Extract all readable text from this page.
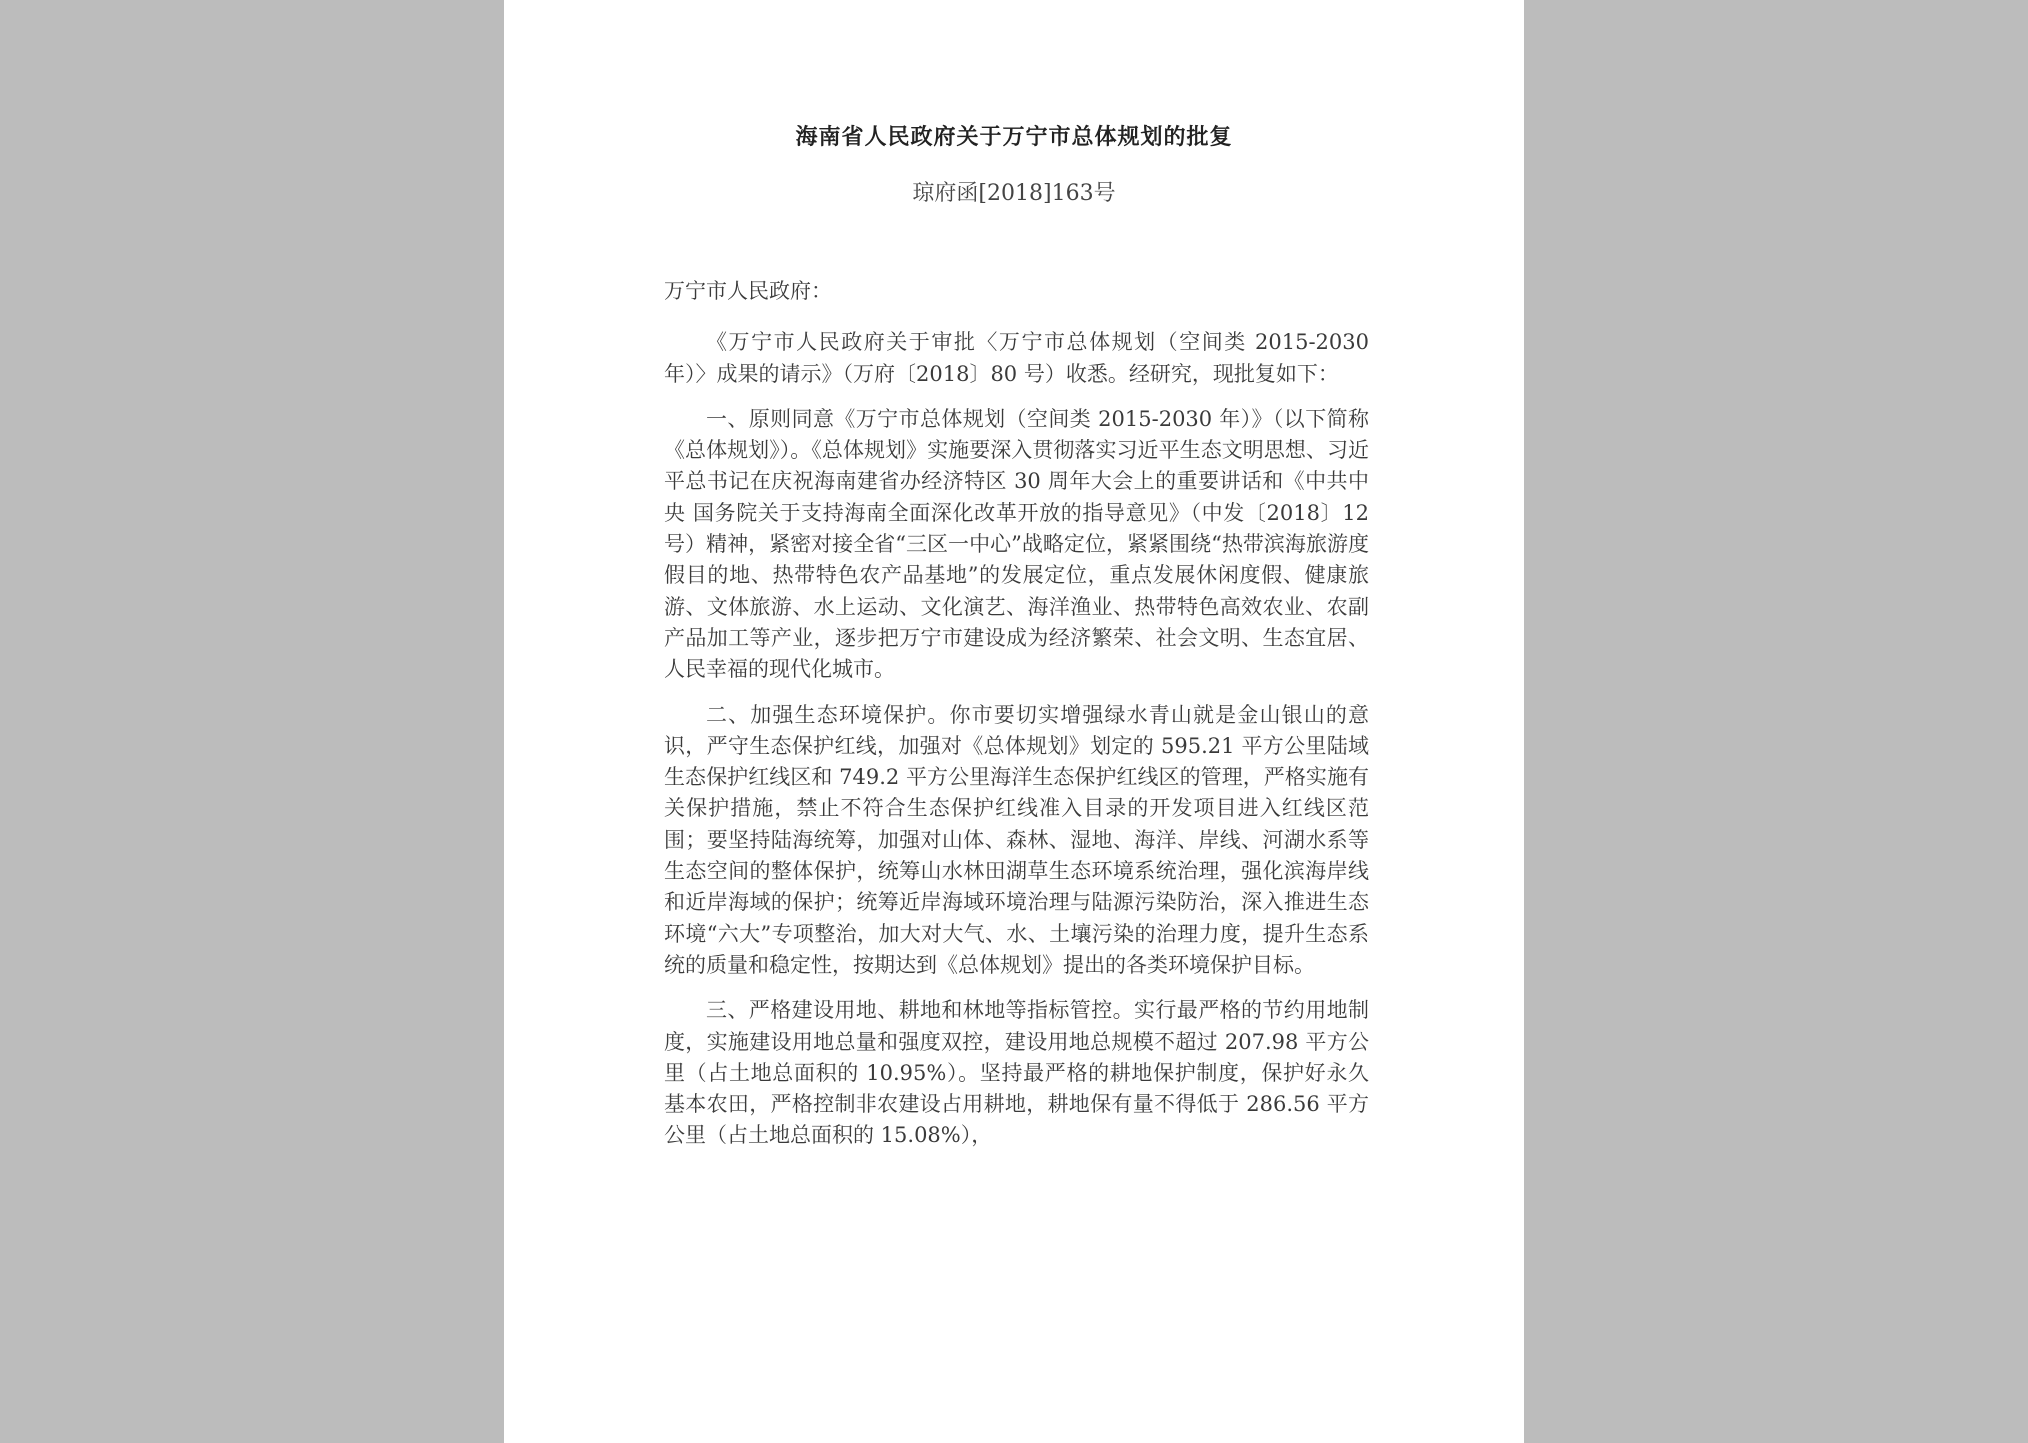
海南省人民政府关于万宁市总体规划的批复
琼府函[2018]163号

万宁市人民政府：

《万宁市人民政府关于审批〈万宁市总体规划（空间类 2015-2030 年）〉成果的请示》（万府〔2018〕80 号）收悉。经研究，现批复如下：

一、原则同意《万宁市总体规划（空间类 2015-2030 年）》（以下简称《总体规划》）。《总体规划》实施要深入贯彻落实习近平生态文明思想、习近平总书记在庆祝海南建省办经济特区 30 周年大会上的重要讲话和《中共中央 国务院关于支持海南全面深化改革开放的指导意见》（中发〔2018〕12 号）精神，紧密对接全省“三区一中心”战略定位，紧紧围绕“热带滨海旅游度假目的地、热带特色农产品基地”的发展定位，重点发展休闲度假、健康旅游、文体旅游、水上运动、文化演艺、海洋渔业、热带特色高效农业、农副产品加工等产业，逐步把万宁市建设成为经济繁荣、社会文明、生态宜居、人民幸福的现代化城市。

二、加强生态环境保护。你市要切实增强绿水青山就是金山银山的意识，严守生态保护红线，加强对《总体规划》划定的 595.21 平方公里陆域生态保护红线区和 749.2 平方公里海洋生态保护红线区的管理，严格实施有关保护措施，禁止不符合生态保护红线准入目录的开发项目进入红线区范围；要坚持陆海统筹，加强对山体、森林、湿地、海洋、岸线、河湖水系等生态空间的整体保护，统筹山水林田湖草生态环境系统治理，强化滨海岸线和近岸海域的保护；统筹近岸海域环境治理与陆源污染防治，深入推进生态环境“六大”专项整治，加大对大气、水、土壤污染的治理力度，提升生态系统的质量和稳定性，按期达到《总体规划》提出的各类环境保护目标。

三、严格建设用地、耕地和林地等指标管控。实行最严格的节约用地制度，实施建设用地总量和强度双控，建设用地总规模不超过 207.98 平方公里（占土地总面积的 10.95%）。坚持最严格的耕地保护制度，保护好永久基本农田，严格控制非农建设占用耕地，耕地保有量不得低于 286.56 平方公里（占土地总面积的 15.08%），
